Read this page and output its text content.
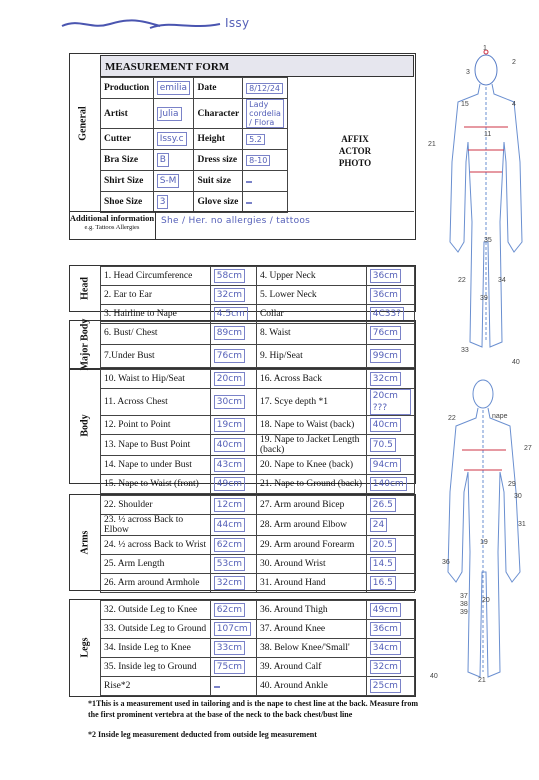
Issy
General
MEASUREMENT FORM
Production	emilia	Date	8/12/24
Artist	Julia	Character	Lady cordelia / Flora
Cutter	Issy.c	Height	5.2
Bra Size	B	Dress size	8-10
Shirt Size	S-M	Suit size	
Shoe Size	3	Glove size	
AFFIX ACTOR PHOTO
Additional information
e.g. Tattoos Allergies
She / Her. no allergies / tattoos
Head
1. Head Circumference	58cm	4. Upper Neck	36cm
2. Ear to Ear	32cm	5. Lower Neck	36cm
3. Hairline to Nape	4.5cm	Collar	4C33?
Major Body 6. Bust/ Chest	89cm	8. Waist	76cm
7.Under Bust	76cm	9. Hip/Seat	99cm
Body
10. Waist to Hip/Seat	20cm	16. Across Back	32cm
11. Across Chest	30cm	17. Scye depth *1	20cm ???
12. Point to Point	19cm	18. Nape to Waist (back)	40cm
13. Nape to Bust Point	40cm	19. Nape to Jacket Length (back)	70.5
14. Nape to under Bust	43cm	20. Nape to Knee (back)	94cm
15. Nape to Waist (front)	49cm	21. Nape to Ground (back)	140cm
Arms
22. Shoulder	12cm	27. Arm around Bicep	26.5
23. ½ across Back to Elbow	44cm	28. Arm around Elbow	24
24. ½ across Back to Wrist	62cm	29. Arm around Forearm	20.5
25. Arm Length	53cm	30. Around Wrist	14.5
26. Arm around Armhole	32cm	31. Around Hand	16.5
Legs
32. Outside Leg to Knee	62cm	36. Around Thigh	49cm
33. Outside Leg to Ground	107cm	37. Around Knee	36cm
34. Inside Leg to Knee	33cm	38. Below Knee/'Small'	34cm
35. Inside leg to Ground	75cm	39. Around Calf	32cm
Rise*2		40. Around Ankle	25cm
*1This is a measurement used in tailoring and is the nape to chest line at the back. Measure from the first prominent vertebra at the base of the neck to the back chest/bust line
*2 Inside leg measurement deducted from outside leg measurement
1
2
3
4
15
11
21
35
22	34
39
33
40
nape
22
27
29
30
31
19
36
37
38
39
20
40
21
